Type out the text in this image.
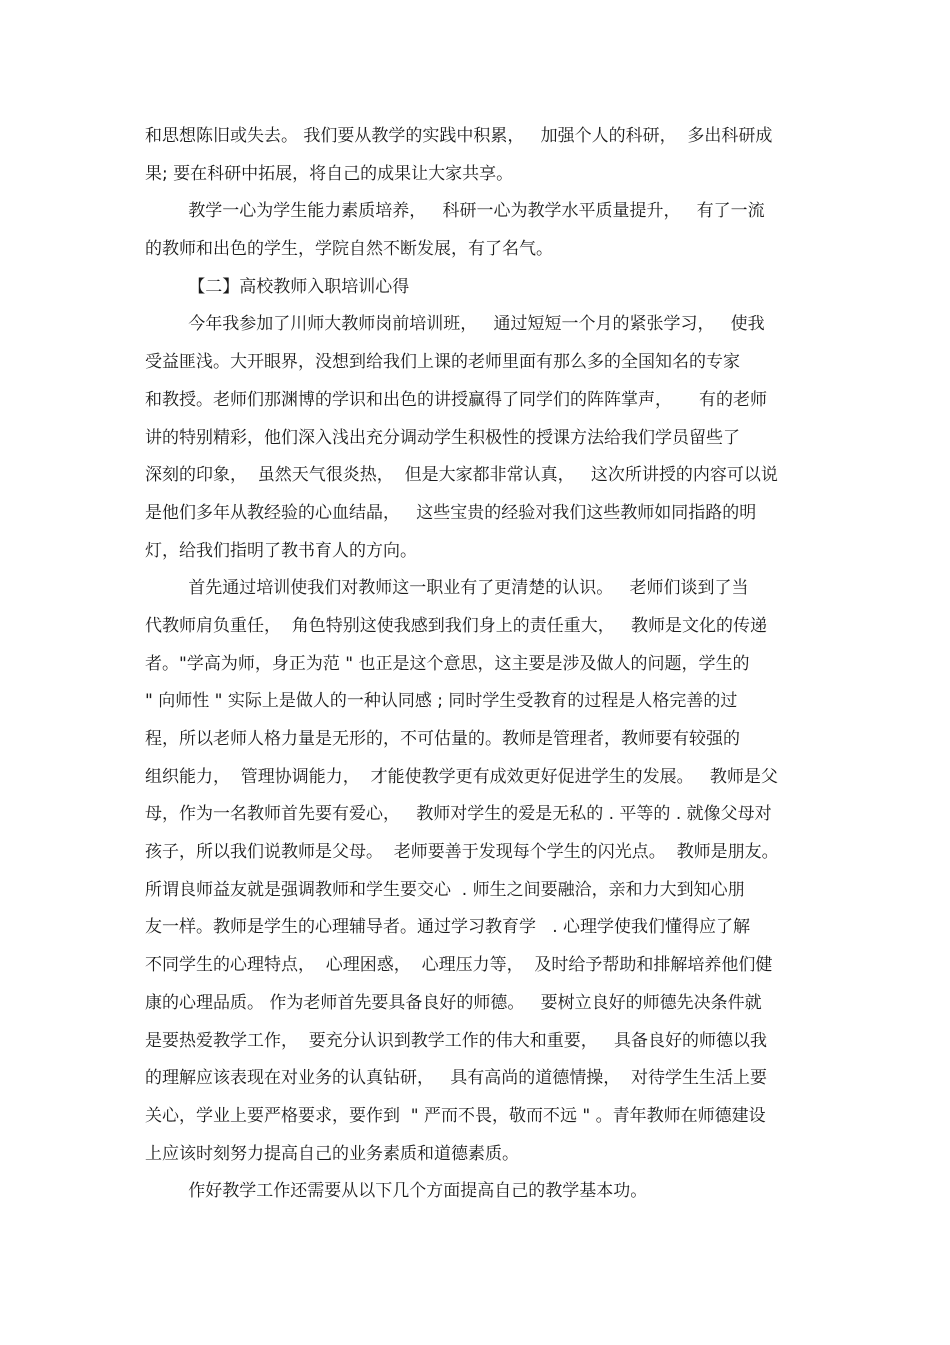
和思想陈旧或失去。 我们要从教学的实践中积累，   加强个人的科研，  多出科研成
果; 要在科研中拓展，将自己的成果让大家共享。
教学一心为学生能力素质培养，   科研一心为教学水平质量提升，   有了一流
的教师和出色的学生，学院自然不断发展，有了名气。
【二】高校教师入职培训心得
今年我参加了川师大教师岗前培训班，   通过短短一个月的紧张学习，   使我
受益匪浅。大开眼界，没想到给我们上课的老师里面有那么多的全国知名的专家
和教授。老师们那渊博的学识和出色的讲授赢得了同学们的阵阵掌声，     有的老师
讲的特别精彩，他们深入浅出充分调动学生积极性的授课方法给我们学员留些了
深刻的印象，  虽然天气很炎热，  但是大家都非常认真，   这次所讲授的内容可以说
是他们多年从教经验的心血结晶，   这些宝贵的经验对我们这些教师如同指路的明
灯，给我们指明了教书育人的方向。
首先通过培训使我们对教师这一职业有了更清楚的认识。   老师们谈到了当
代教师肩负重任，  角色特别这使我感到我们身上的责任重大，   教师是文化的传递
者。"学高为师，身正为范 " 也正是这个意思，这主要是涉及做人的问题，学生的
" 向师性 " 实际上是做人的一种认同感 ; 同时学生受教育的过程是人格完善的过
程，所以老师人格力量是无形的，不可估量的。教师是管理者，教师要有较强的
组织能力，  管理协调能力，  才能使教学更有成效更好促进学生的发展。   教师是父
母，作为一名教师首先要有爱心，   教师对学生的爱是无私的 . 平等的 . 就像父母对
孩子，所以我们说教师是父母。  老师要善于发现每个学生的闪光点。  教师是朋友。
所谓良师益友就是强调教师和学生要交心  . 师生之间要融洽，亲和力大到知心朋
友一样。教师是学生的心理辅导者。通过学习教育学   . 心理学使我们懂得应了解
不同学生的心理特点，  心理困惑，  心理压力等，  及时给予帮助和排解培养他们健
康的心理品质。 作为老师首先要具备良好的师德。   要树立良好的师德先决条件就
是要热爱教学工作，  要充分认识到教学工作的伟大和重要，   具备良好的师德以我
的理解应该表现在对业务的认真钻研，   具有高尚的道德情操，  对待学生生活上要
关心，学业上要严格要求，要作到  " 严而不畏，敬而不远 " 。青年教师在师德建设
上应该时刻努力提高自己的业务素质和道德素质。
作好教学工作还需要从以下几个方面提高自己的教学基本功。
